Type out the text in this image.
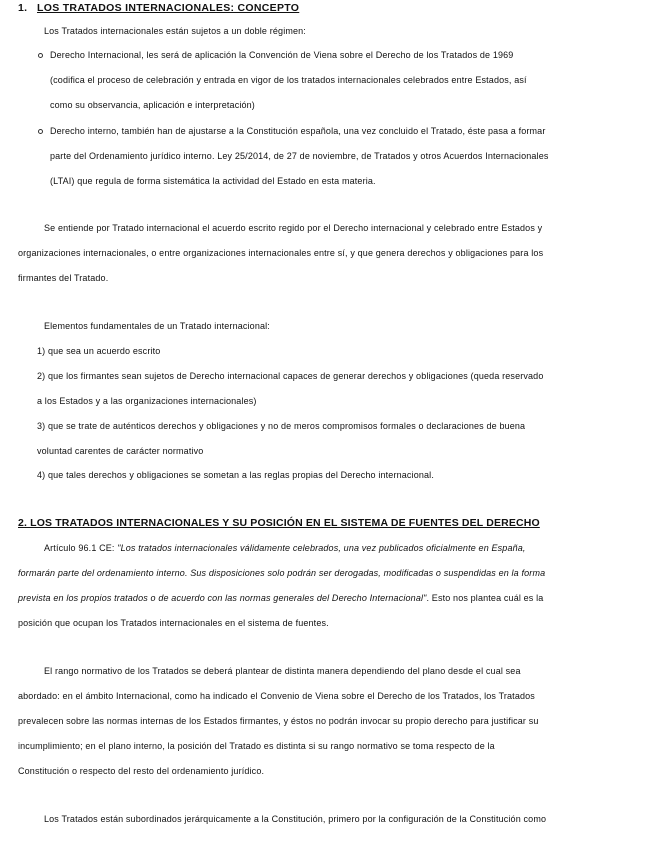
1. LOS TRATADOS INTERNACIONALES: CONCEPTO
Los Tratados internacionales están sujetos a un doble régimen:
Derecho Internacional, les será de aplicación la Convención de Viena sobre el Derecho de los Tratados de 1969
(codifica el proceso de celebración y entrada en vigor de los tratados internacionales celebrados entre Estados, así
como su observancia, aplicación e interpretación)
Derecho interno, también han de ajustarse a la Constitución española, una vez concluido el Tratado, éste pasa a formar
parte del Ordenamiento jurídico interno. Ley 25/2014, de 27 de noviembre, de Tratados y otros Acuerdos Internacionales
(LTAI) que regula de forma sistemática la actividad del Estado en esta materia.
Se entiende por Tratado internacional el acuerdo escrito regido por el Derecho internacional y celebrado entre Estados y
organizaciones internacionales, o entre organizaciones internacionales entre sí, y que genera derechos y obligaciones para los
firmantes del Tratado.
Elementos fundamentales de un Tratado internacional:
1) que sea un acuerdo escrito
2) que los firmantes sean sujetos de Derecho internacional capaces de generar derechos y obligaciones (queda reservado
a los Estados y a las organizaciones internacionales)
3) que se trate de auténticos derechos y obligaciones y no de meros compromisos formales o declaraciones de buena
voluntad carentes de carácter normativo
4) que tales derechos y obligaciones se sometan a las reglas propias del Derecho internacional.
2. LOS TRATADOS INTERNACIONALES Y SU POSICIÓN EN EL SISTEMA DE FUENTES DEL DERECHO
Artículo 96.1 CE: "Los tratados internacionales válidamente celebrados, una vez publicados oficialmente en España,
formarán parte del ordenamiento interno. Sus disposiciones solo podrán ser derogadas, modificadas o suspendidas en la forma
prevista en los propios tratados o de acuerdo con las normas generales del Derecho Internacional". Esto nos plantea cuál es la
posición que ocupan los Tratados internacionales en el sistema de fuentes.
El rango normativo de los Tratados se deberá plantear de distinta manera dependiendo del plano desde el cual sea
abordado: en el ámbito Internacional, como ha indicado el Convenio de Viena sobre el Derecho de los Tratados, los Tratados
prevalecen sobre las normas internas de los Estados firmantes, y éstos no podrán invocar su propio derecho para justificar su
incumplimiento; en el plano interno, la posición del Tratado es distinta si su rango normativo se toma respecto de la
Constitución o respecto del resto del ordenamiento jurídico.
Los Tratados están subordinados jerárquicamente a la Constitución, primero por la configuración de la Constitución como
